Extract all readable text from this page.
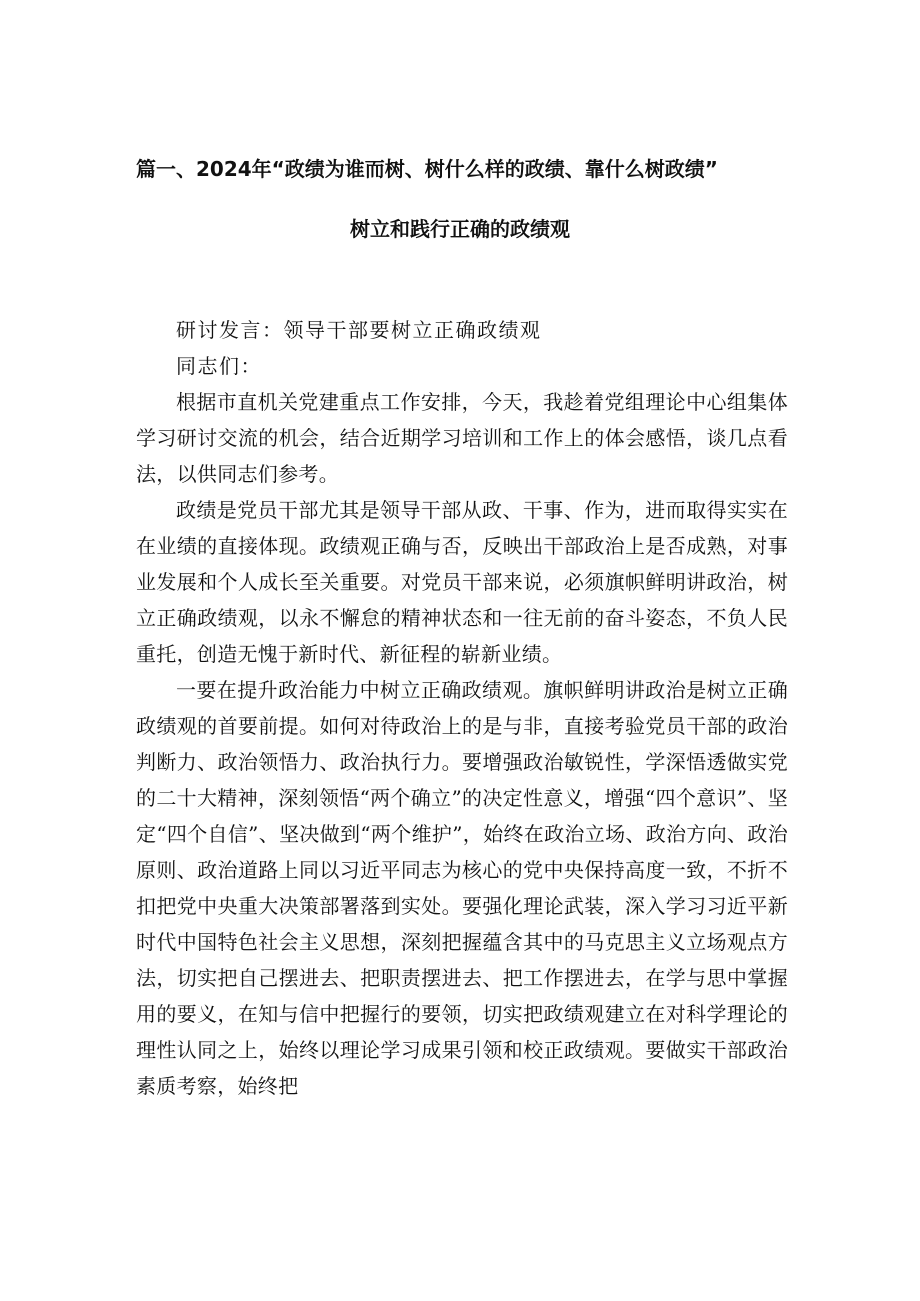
篇一、2024年“政绩为谁而树、树什么样的政绩、靠什么树政绩”
树立和践行正确的政绩观

研讨发言：领导干部要树立正确政绩观

同志们：

根据市直机关党建重点工作安排，今天，我趁着党组理论中心组集体学习研讨交流的机会，结合近期学习培训和工作上的体会感悟，谈几点看法，以供同志们参考。

政绩是党员干部尤其是领导干部从政、干事、作为，进而取得实实在在业绩的直接体现。政绩观正确与否，反映出干部政治上是否成熟，对事业发展和个人成长至关重要。对党员干部来说，必须旗帜鲜明讲政治，树立正确政绩观，以永不懈怠的精神状态和一往无前的奋斗姿态，不负人民重托，创造无愧于新时代、新征程的崭新业绩。

一要在提升政治能力中树立正确政绩观。旗帜鲜明讲政治是树立正确政绩观的首要前提。如何对待政治上的是与非，直接考验党员干部的政治判断力、政治领悟力、政治执行力。要增强政治敏锐性，学深悟透做实党的二十大精神，深刻领悟“两个确立”的决定性意义，增强“四个意识”、坚定“四个自信”、坚决做到“两个维护”，始终在政治立场、政治方向、政治原则、政治道路上同以习近平同志为核心的党中央保持高度一致，不折不扣把党中央重大决策部署落到实处。要强化理论武装，深入学习习近平新时代中国特色社会主义思想，深刻把握蕴含其中的马克思主义立场观点方法，切实把自己摆进去、把职责摆进去、把工作摆进去，在学与思中掌握用的要义，在知与信中把握行的要领，切实把政绩观建立在对科学理论的理性认同之上，始终以理论学习成果引领和校正政绩观。要做实干部政治素质考察，始终把
